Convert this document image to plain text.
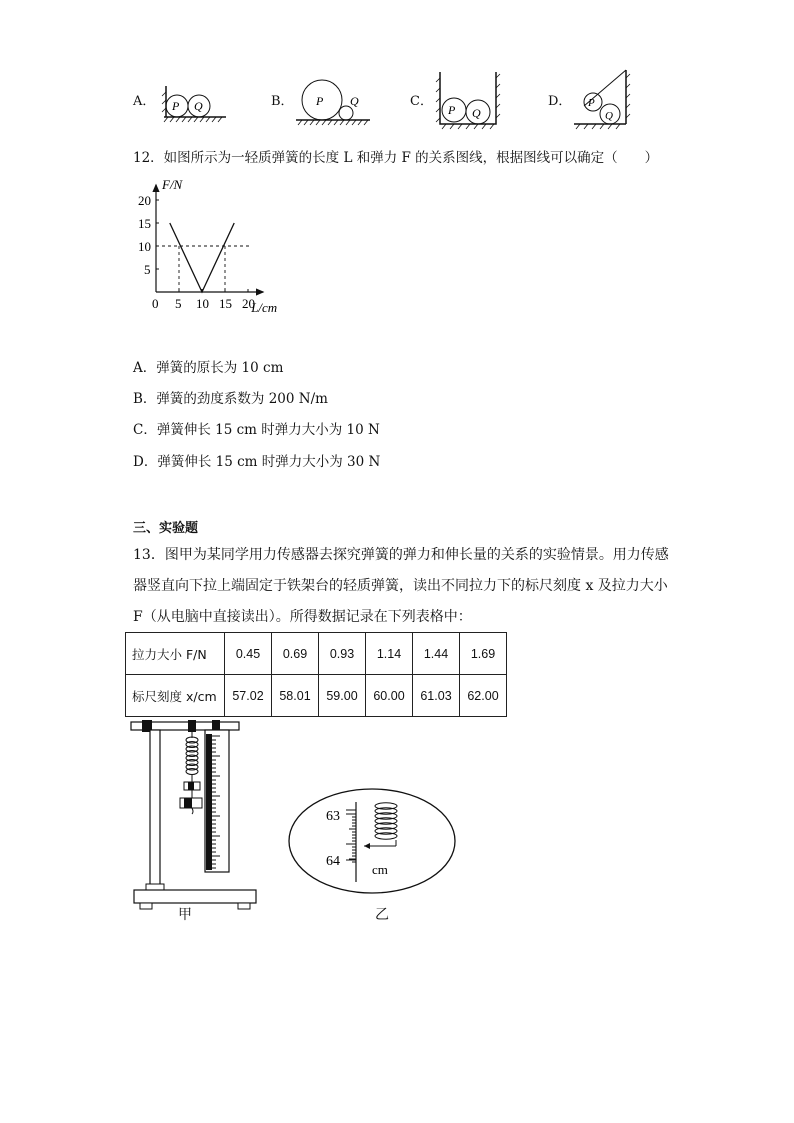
A． P Q	B． P Q	C．
P Q
D． P
Q
12．如图所示为一轻质弹簧的长度 L 和弹力 F 的关系图线，根据图线可以确定（　　）
F/N
L/cm
0 5 10 15 20
5
10
15
20
A．弹簧的原长为 10 cm
B．弹簧的劲度系数为 200 N/m
C．弹簧伸长 15 cm 时弹力大小为 10 N
D．弹簧伸长 15 cm 时弹力大小为 30 N
三、实验题
13．图甲为某同学用力传感器去探究弹簧的弹力和伸长量的关系的实验情景。用力传感
器竖直向下拉上端固定于铁架台的轻质弹簧，读出不同拉力下的标尺刻度 x 及拉力大小
F（从电脑中直接读出）。所得数据记录在下列表格中：
拉力大小 F/N	0.45	0.69	0.93	1.14	1.44	1.69
标尺刻度 x/cm	57.02	58.01	59.00	60.00	61.03	62.00
甲
63
64
cm
乙
